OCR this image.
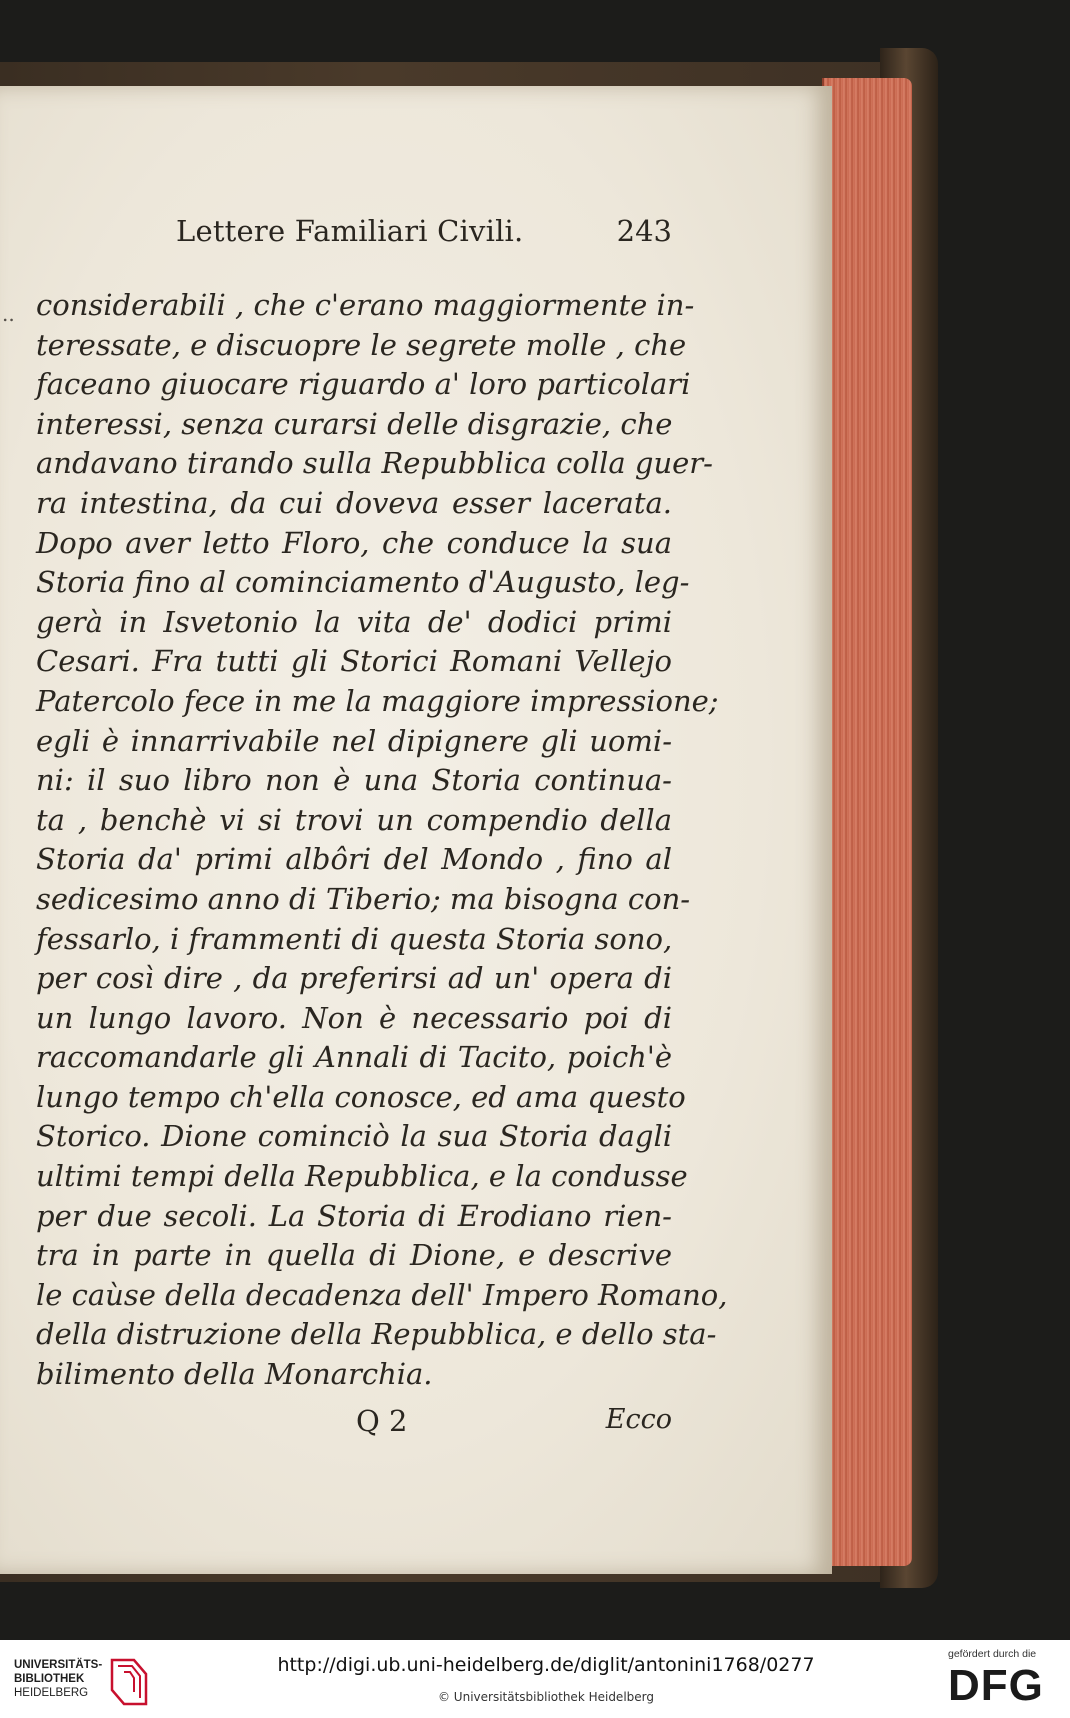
Lettere Familiari Civili.	243
.. considerabili , che c'erano maggiormente in-
teressate, e discuopre le segrete molle , che
faceano giuocare riguardo a' loro particolari
interessi, senza curarsi delle disgrazie, che
andavano tirando sulla Repubblica colla guer-
ra intestina, da cui doveva esser lacerata.
Dopo aver letto Floro, che conduce la sua
Storia fino al cominciamento d'Augusto, leg-
gerà in Isvetonio la vita de' dodici primi
Cesari. Fra tutti gli Storici Romani Vellejo
Patercolo fece in me la maggiore impressione;
egli è innarrivabile nel dipignere gli uomi-
ni: il suo libro non è una Storia continua-
ta , benchè vi si trovi un compendio della
Storia da' primi albôri del Mondo , fino al
sedicesimo anno di Tiberio; ma bisogna con-
fessarlo, i frammenti di questa Storia sono,
per così dire , da preferirsi ad un' opera di
un lungo lavoro. Non è necessario poi di
raccomandarle gli Annali di Tacito, poich'è
lungo tempo ch'ella conosce, ed ama questo
Storico. Dione cominciò la sua Storia dagli
ultimi tempi della Repubblica, e la condusse
per due secoli. La Storia di Erodiano rien-
tra in parte in quella di Dione, e descrive
le caùse della decadenza dell' Impero Romano,
della distruzione della Repubblica, e dello sta-
bilimento della Monarchia.
Q 2	Ecco
UNIVERSITÄTS-
BIBLIOTHEK
HEIDELBERG
http://digi.ub.uni-heidelberg.de/diglit/antonini1768/0277
© Universitätsbibliothek Heidelberg
gefördert durch die
DFG
